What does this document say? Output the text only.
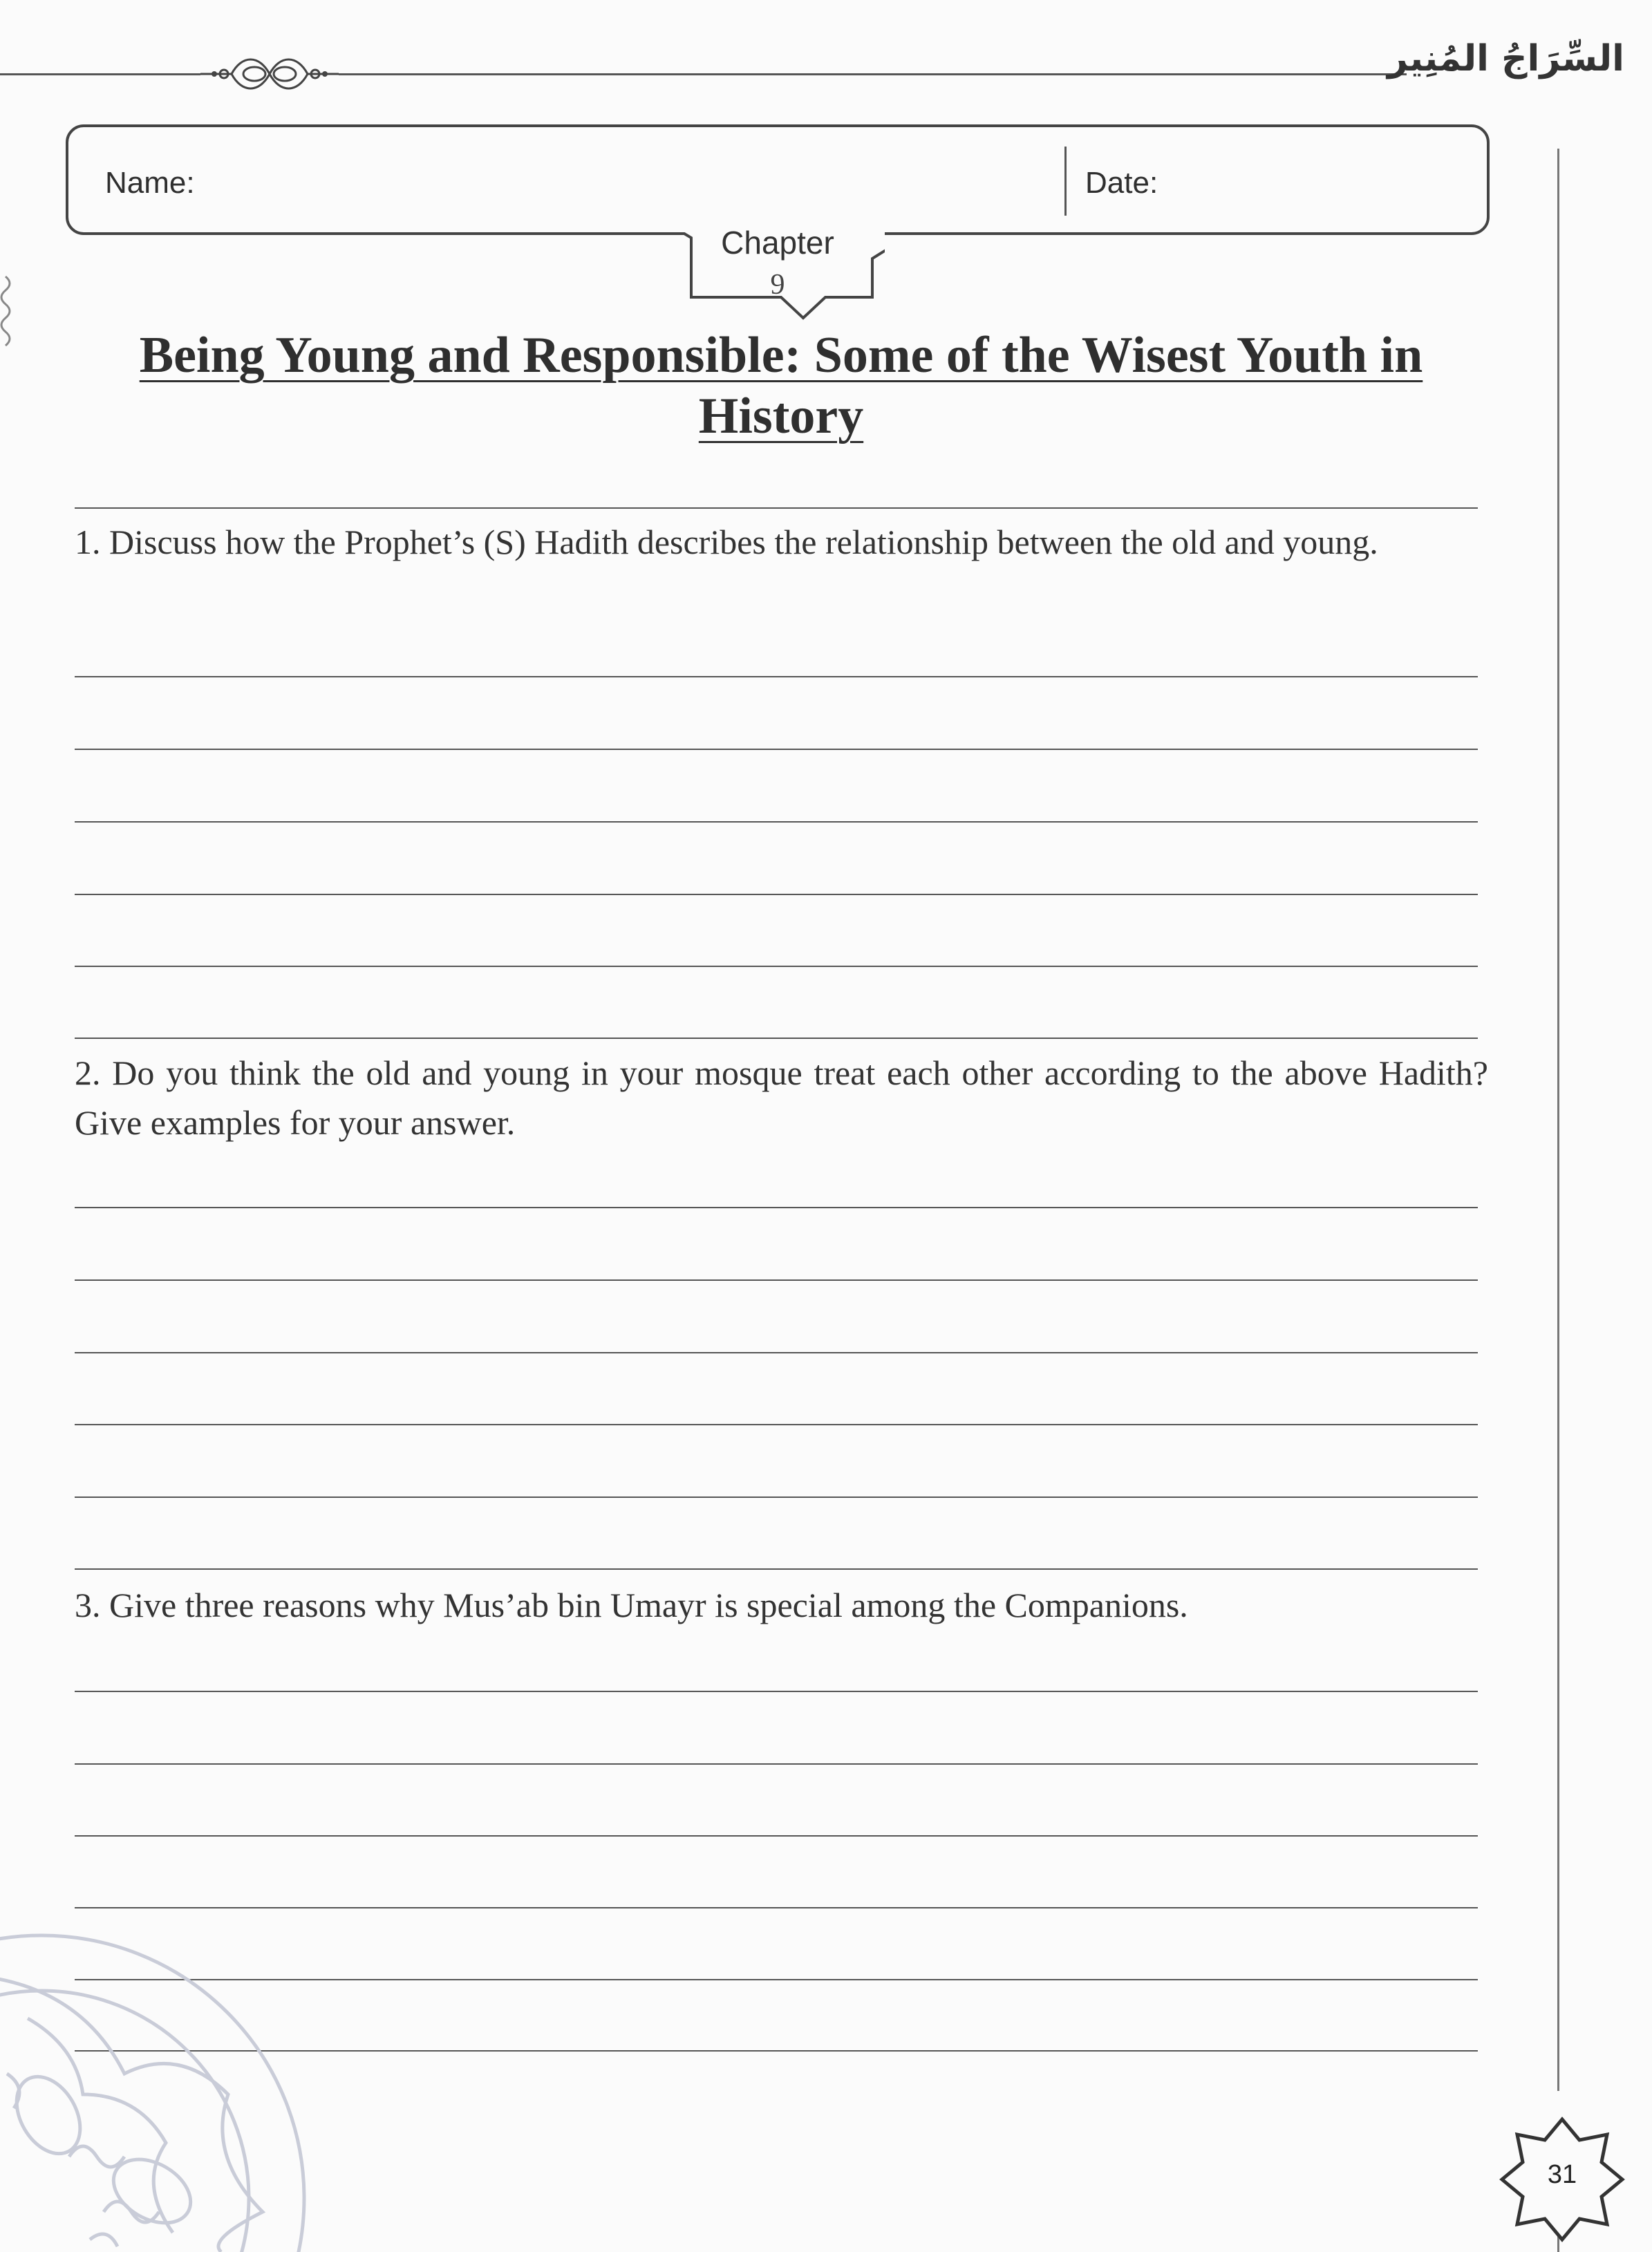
السِّرَاجُ المُنِير
Name:	Date:
Chapter
9
Being Young and Responsible: Some of the Wisest Youth in
History
1. Discuss how the Prophet’s (S) Hadith describes the relationship between the old and young.
2. Do you think the old and young in your mosque treat each other according to the above Hadith? Give examples for your answer.
3. Give three reasons why Mus’ab bin Umayr is special among the Companions.
31
